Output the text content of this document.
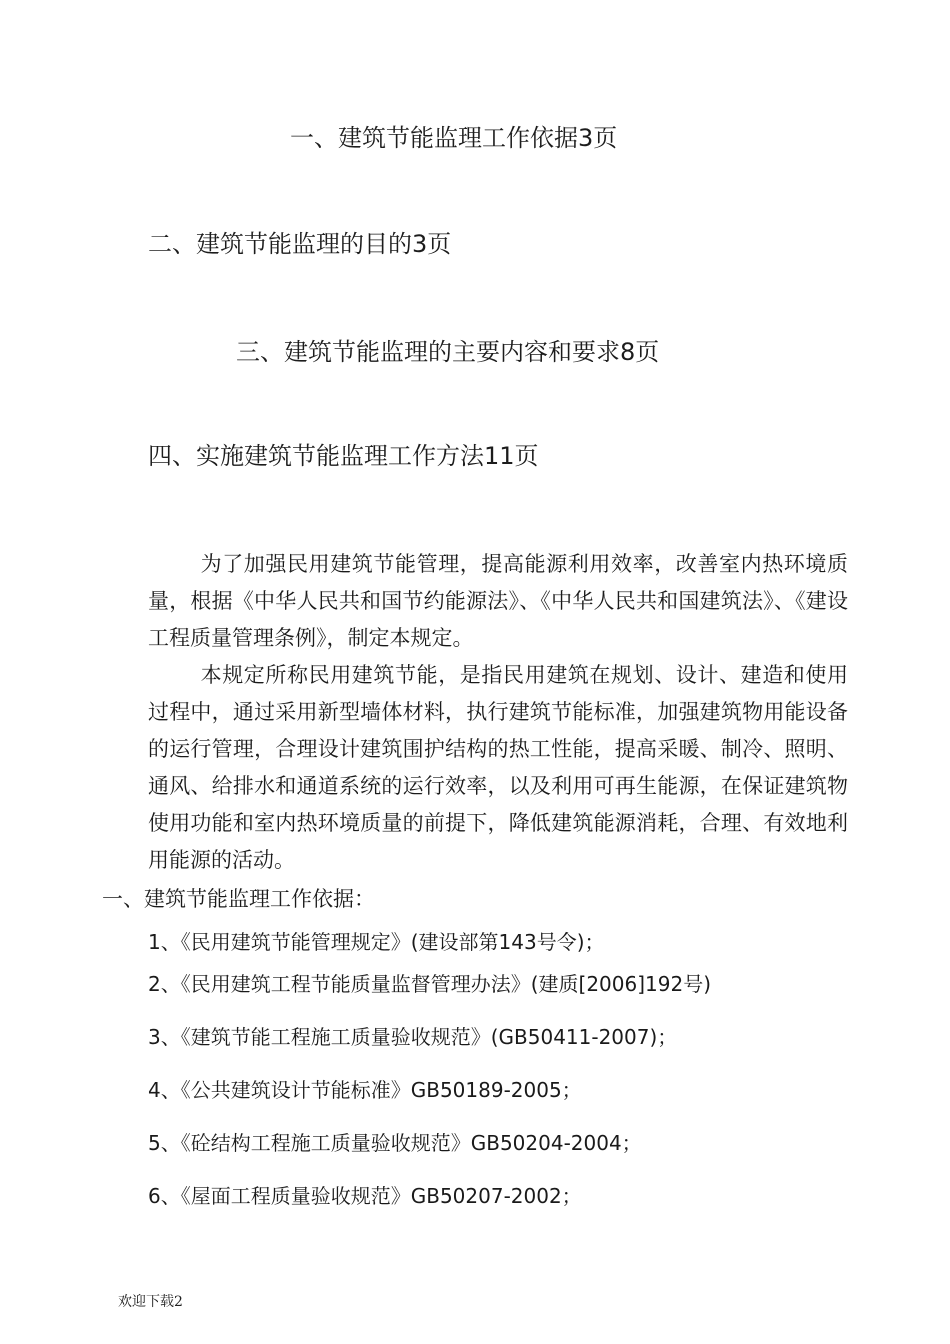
一、建筑节能监理工作依据3页
二、建筑节能监理的目的3页
三、建筑节能监理的主要内容和要求8页
四、实施建筑节能监理工作方法11页

为了加强民用建筑节能管理，提高能源利用效率，改善室内热环境质量，根据《中华人民共和国节约能源法》、《中华人民共和国建筑法》、《建设工程质量管理条例》，制定本规定。

本规定所称民用建筑节能，是指民用建筑在规划、设计、建造和使用过程中，通过采用新型墙体材料，执行建筑节能标准，加强建筑物用能设备的运行管理，合理设计建筑围护结构的热工性能，提高采暖、制冷、照明、通风、给排水和通道系统的运行效率，以及利用可再生能源，在保证建筑物使用功能和室内热环境质量的前提下，降低建筑能源消耗，合理、有效地利用能源的活动。

一、建筑节能监理工作依据：
1、《民用建筑节能管理规定》(建设部第143号令)；
2、《民用建筑工程节能质量监督管理办法》(建质[2006]192号)
3、《建筑节能工程施工质量验收规范》(GB50411-2007)；
4、《公共建筑设计节能标准》GB50189-2005；
5、《砼结构工程施工质量验收规范》GB50204-2004；
6、《屋面工程质量验收规范》GB50207-2002；
欢迎下载2
